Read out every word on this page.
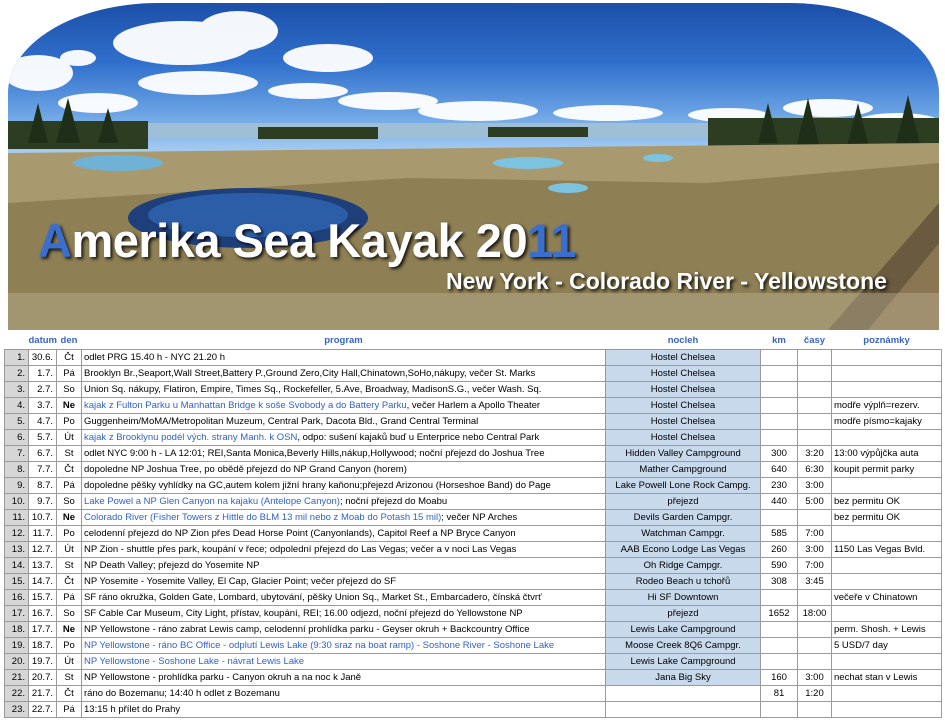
Amerika Sea Kayak 2011
New York - Colorado River - Yellowstone
	datum	den	program	nocleh	km	časy	poznámky
1.	30.6.	Čt	odlet PRG 15.40 h - NYC 21.20 h	Hostel Chelsea			
2.	1.7.	Pá	Brooklyn Br.,Seaport,Wall Street,Battery P.,Ground Zero,City Hall,Chinatown,SoHo,nákupy, večer St. Marks	Hostel Chelsea			
3.	2.7.	So	Union Sq. nákupy, Flatiron, Empire, Times Sq., Rockefeller, 5.Ave, Broadway, MadisonS.G., večer Wash. Sq.	Hostel Chelsea			
4.	3.7.	Ne	kajak z Fulton Parku u Manhattan Bridge k soše Svobody a do Battery Parku, večer Harlem a Apollo Theater	Hostel Chelsea			modře výplň=rezerv.
5.	4.7.	Po	Guggenheim/MoMA/Metropolitan Muzeum, Central Park, Dacota Bld., Grand Central Terminal	Hostel Chelsea			modře písmo=kajaky
6.	5.7.	Út	kajak z Brooklynu podél vých. strany Manh. k OSN, odpo: sušení kajaků buď u Enterprice nebo Central Park	Hostel Chelsea			
7.	6.7.	St	odlet NYC 9:00 h - LA 12:01; REI,Santa Monica,Beverly Hills,nákup,Hollywood; noční přejezd do Joshua Tree	Hidden Valley Campground	300	3:20	13:00 výpůjčka auta
8.	7.7.	Čt	dopoledne NP Joshua Tree, po obědě přejezd do NP Grand Canyon (horem)	Mather Campground	640	6:30	koupit permit parky
9.	8.7.	Pá	dopoledne pěšky vyhlídky na GC,autem kolem jižní hrany kaňonu;přejezd Arizonou (Horseshoe Band) do Page	Lake Powell Lone Rock Campg.	230	3:00	
10.	9.7.	So	Lake Powel a NP Glen Canyon na kajaku (Antelope Canyon); noční přejezd do Moabu	přejezd	440	5:00	bez permitu OK
11.	10.7.	Ne	Colorado River (Fisher Towers z Hittle do BLM 13 mil nebo z Moab do Potash 15 mil); večer NP Arches	Devils Garden Campgr.			bez permitu OK
12.	11.7.	Po	celodenní přejezd do NP Zion přes Dead Horse Point (Canyonlands), Capitol Reef a NP Bryce Canyon	Watchman Campgr.	585	7:00	
13.	12.7.	Út	NP Zion - shuttle přes park, koupání v řece; odpolední přejezd do Las Vegas; večer a v noci Las Vegas	AAB Econo Lodge Las Vegas	260	3:00	1150 Las Vegas Bvld.
14.	13.7.	St	NP Death Valley; přejezd do Yosemite NP	Oh Ridge Campgr.	590	7:00	
15.	14.7.	Čt	NP Yosemite - Yosemite Valley, El Cap, Glacier Point; večer přejezd do SF	Rodeo Beach u tchořů	308	3:45	
16.	15.7.	Pá	SF ráno okružka, Golden Gate, Lombard, ubytování, pěšky Union Sq., Market St., Embarcadero, čínská čtvrť	Hi SF Downtown			večeře v Chinatown
17.	16.7.	So	SF Cable Car Museum, City Light, přístav, koupání, REI; 16.00 odjezd, noční přejezd do Yellowstone NP	přejezd	1652	18:00	
18.	17.7.	Ne	NP Yellowstone - ráno zabrat Lewis camp, celodenní prohlídka parku - Geyser okruh + Backcountry Office	Lewis Lake Campground			perm. Shosh. + Lewis
19.	18.7.	Po	NP Yellowstone - ráno BC Office - odplutí Lewis Lake (9:30 sraz na boat ramp) - Soshone River - Soshone Lake	Moose Creek 8Q6 Campgr.			5 USD/7 day
20.	19.7.	Út	NP Yellowstone - Soshone Lake - návrat Lewis Lake	Lewis Lake Campground			
21.	20.7.	St	NP Yellowstone - prohlídka parku - Canyon okruh a na noc k Janě	Jana Big Sky	160	3:00	nechat stan v Lewis
22.	21.7.	Čt	ráno do Bozemanu; 14:40 h odlet z Bozemanu		81	1:20	
23.	22.7.	Pá	13:15 h přílet do Prahy				
